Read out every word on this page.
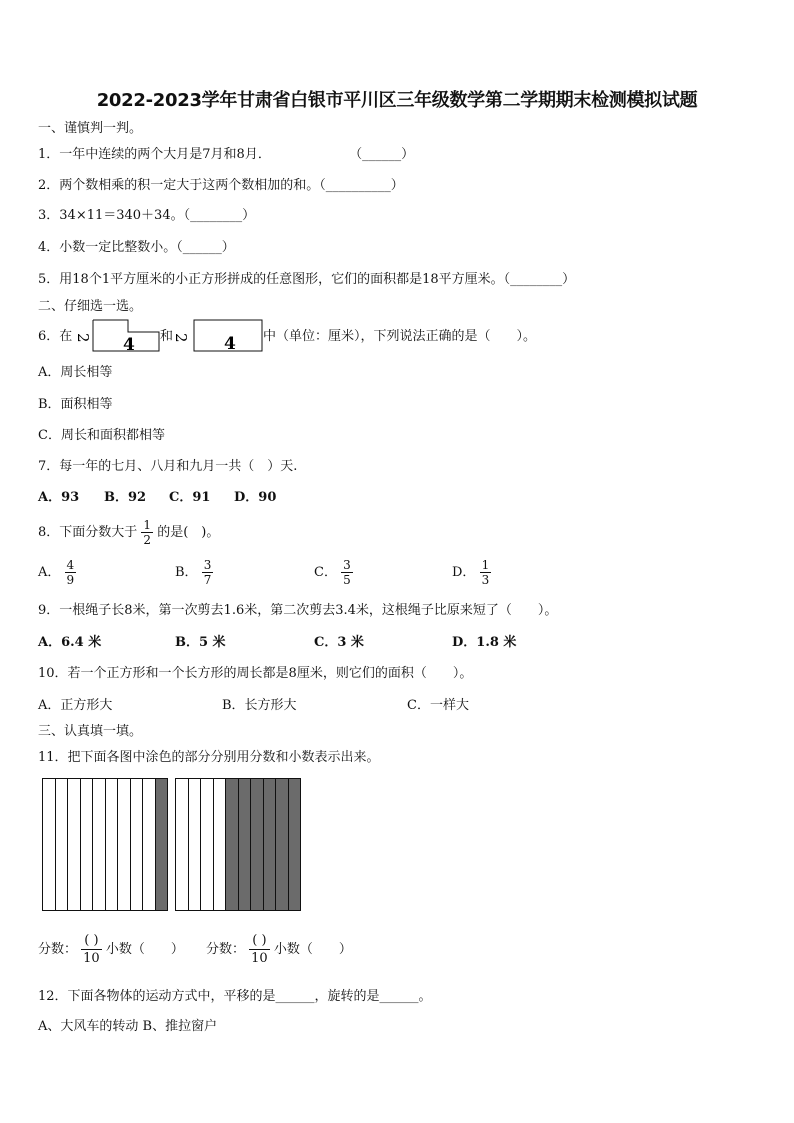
2022-2023学年甘肃省白银市平川区三年级数学第二学期期末检测模拟试题
一、谨慎判一判。
1．一年中连续的两个大月是7月和8月．	（______）
2．两个数相乘的积一定大于这两个数相加的和。（__________）
3．34×11＝340＋34。（________）
4．小数一定比整数小。（______）
5．用18个1平方厘米的小正方形拼成的任意图形，它们的面积都是18平方厘米。（________）
二、仔细选一选。
6．在 2 4 和
2 4 中（单位：厘米），下列说法正确的是（　　）。
A．周长相等
B．面积相等
C．周长和面积都相等
7．每一年的七月、八月和九月一共（　）天.
A．93 B．92 C．91 D．90
8．下面分数大于 $\frac{1}{2}$ 的是(　)。
A． $\frac{4}{9}$	B． $\frac{3}{7}$	C． $\frac{3}{5}$	D． $\frac{1}{3}$
9．一根绳子长8米，第一次剪去1.6米，第二次剪去3.4米，这根绳子比原来短了（　　）。
A．6.4 米	B．5 米	C．3 米	D．1.8 米
10．若一个正方形和一个长方形的周长都是8厘米，则它们的面积（　　）。
A．正方形大	B．长方形大	C．一样大
三、认真填一填。
11．把下面各图中涂色的部分分别用分数和小数表示出来。
分数： $\frac{( )}{10}$ 小数（　　） 分数： $\frac{( )}{10}$ 小数（　　）
12．下面各物体的运动方式中，平移的是______，旋转的是______。
A、大风车的转动 B、推拉窗户
